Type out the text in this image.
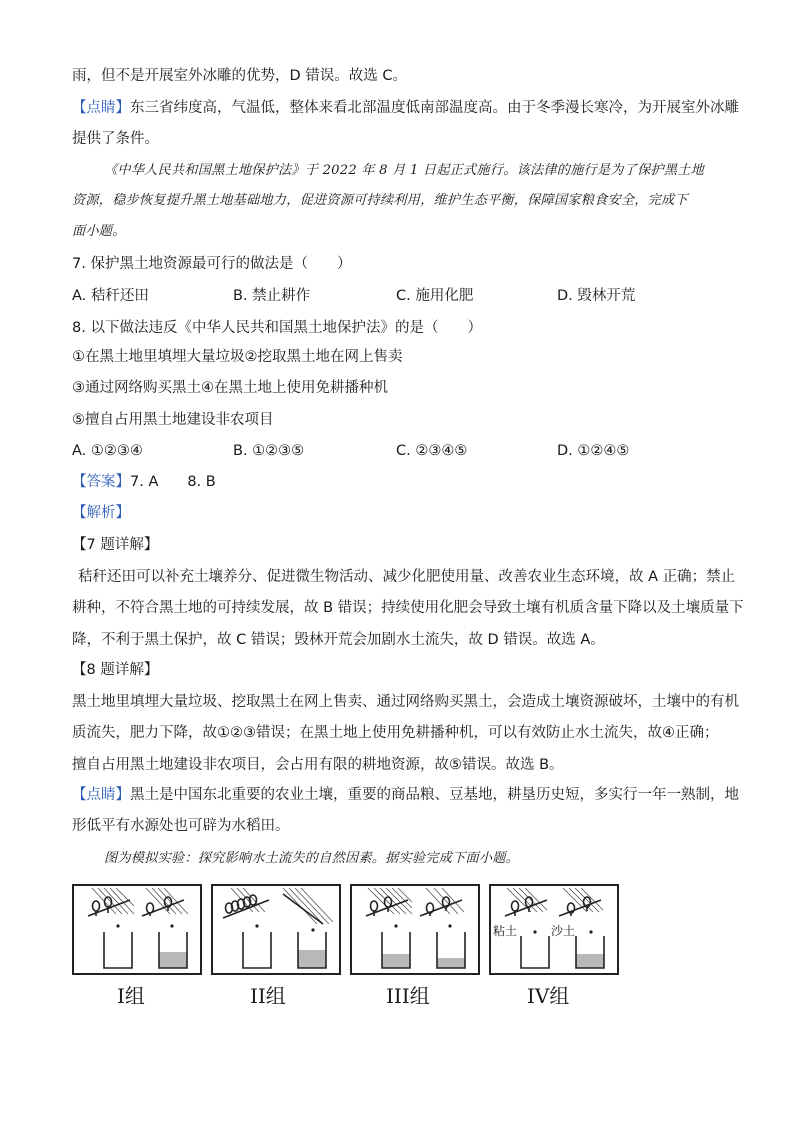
雨，但不是开展室外冰雕的优势，D 错误。故选 C。
【点睛】东三省纬度高，气温低，整体来看北部温度低南部温度高。由于冬季漫长寒冷，为开展室外冰雕
提供了条件。
《中华人民共和国黑土地保护法》于 2022 年 8 月 1 日起正式施行。该法律的施行是为了保护黑土地
资源，稳步恢复提升黑土地基础地力，促进资源可持续利用，维护生态平衡，保障国家粮食安全，完成下
面小题。
7. 保护黑土地资源最可行的做法是（　　）
A. 秸秆还田	B. 禁止耕作	C. 施用化肥	D. 毁林开荒
8. 以下做法违反《中华人民共和国黑土地保护法》的是（　　）
①在黑土地里填埋大量垃圾②挖取黑土地在网上售卖
③通过网络购买黑土④在黑土地上使用免耕播种机
⑤擅自占用黑土地建设非农项目
A. ①②③④	B. ①②③⑤	C. ②③④⑤	D. ①②④⑤
【答案】7. A　　8. B
【解析】
【7 题详解】
秸秆还田可以补充土壤养分、促进微生物活动、减少化肥使用量、改善农业生态环境，故 A 正确；禁止
耕种，不符合黑土地的可持续发展，故 B 错误；持续使用化肥会导致土壤有机质含量下降以及土壤质量下
降，不利于黑土保护，故 C 错误；毁林开荒会加剧水土流失，故 D 错误。故选 A。
【8 题详解】
黑土地里填埋大量垃圾、挖取黑土在网上售卖、通过网络购买黑土，会造成土壤资源破坏，土壤中的有机
质流失，肥力下降，故①②③错误；在黑土地上使用免耕播种机，可以有效防止水土流失，故④正确；
擅自占用黑土地建设非农项目，会占用有限的耕地资源，故⑤错误。故选 B。
【点睛】黑土是中国东北重要的农业土壤，重要的商品粮、豆基地，耕垦历史短，多实行一年一熟制，地
形低平有水源处也可辟为水稻田。
图为模拟实验：探究影响水土流失的自然因素。据实验完成下面小题。
粘土	沙土
I组	II组	III组	IV组
